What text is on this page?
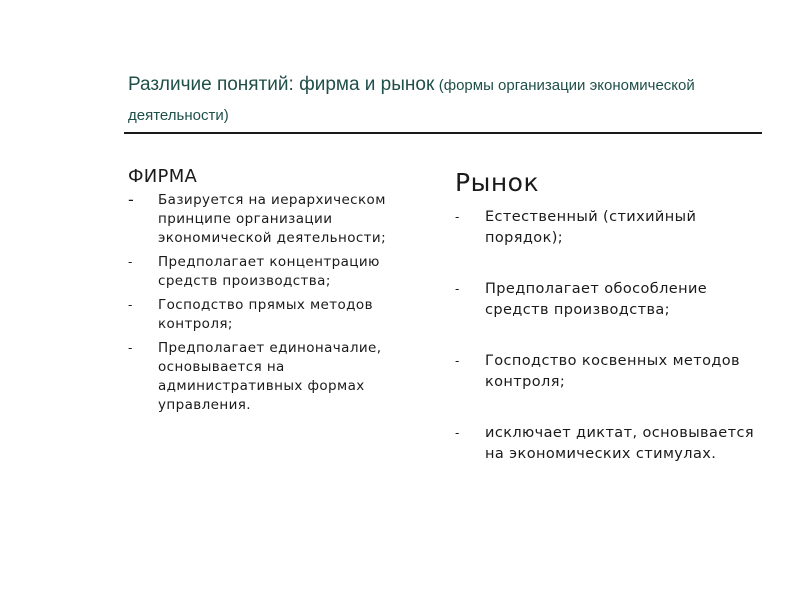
Различие понятий: фирма и рынок (формы организации экономической деятельности)
ФИРМА
- Базируется на иерархическом принципе организации экономической деятельности;
- Предполагает концентрацию средств производства;
- Господство прямых методов контроля;
- Предполагает единоначалие, основывается на административных формах управления.
Рынок
- Естественный (стихийный порядок);
- Предполагает обособление средств производства;
- Господство косвенных методов контроля;
- исключает диктат, основывается на экономических стимулах.
